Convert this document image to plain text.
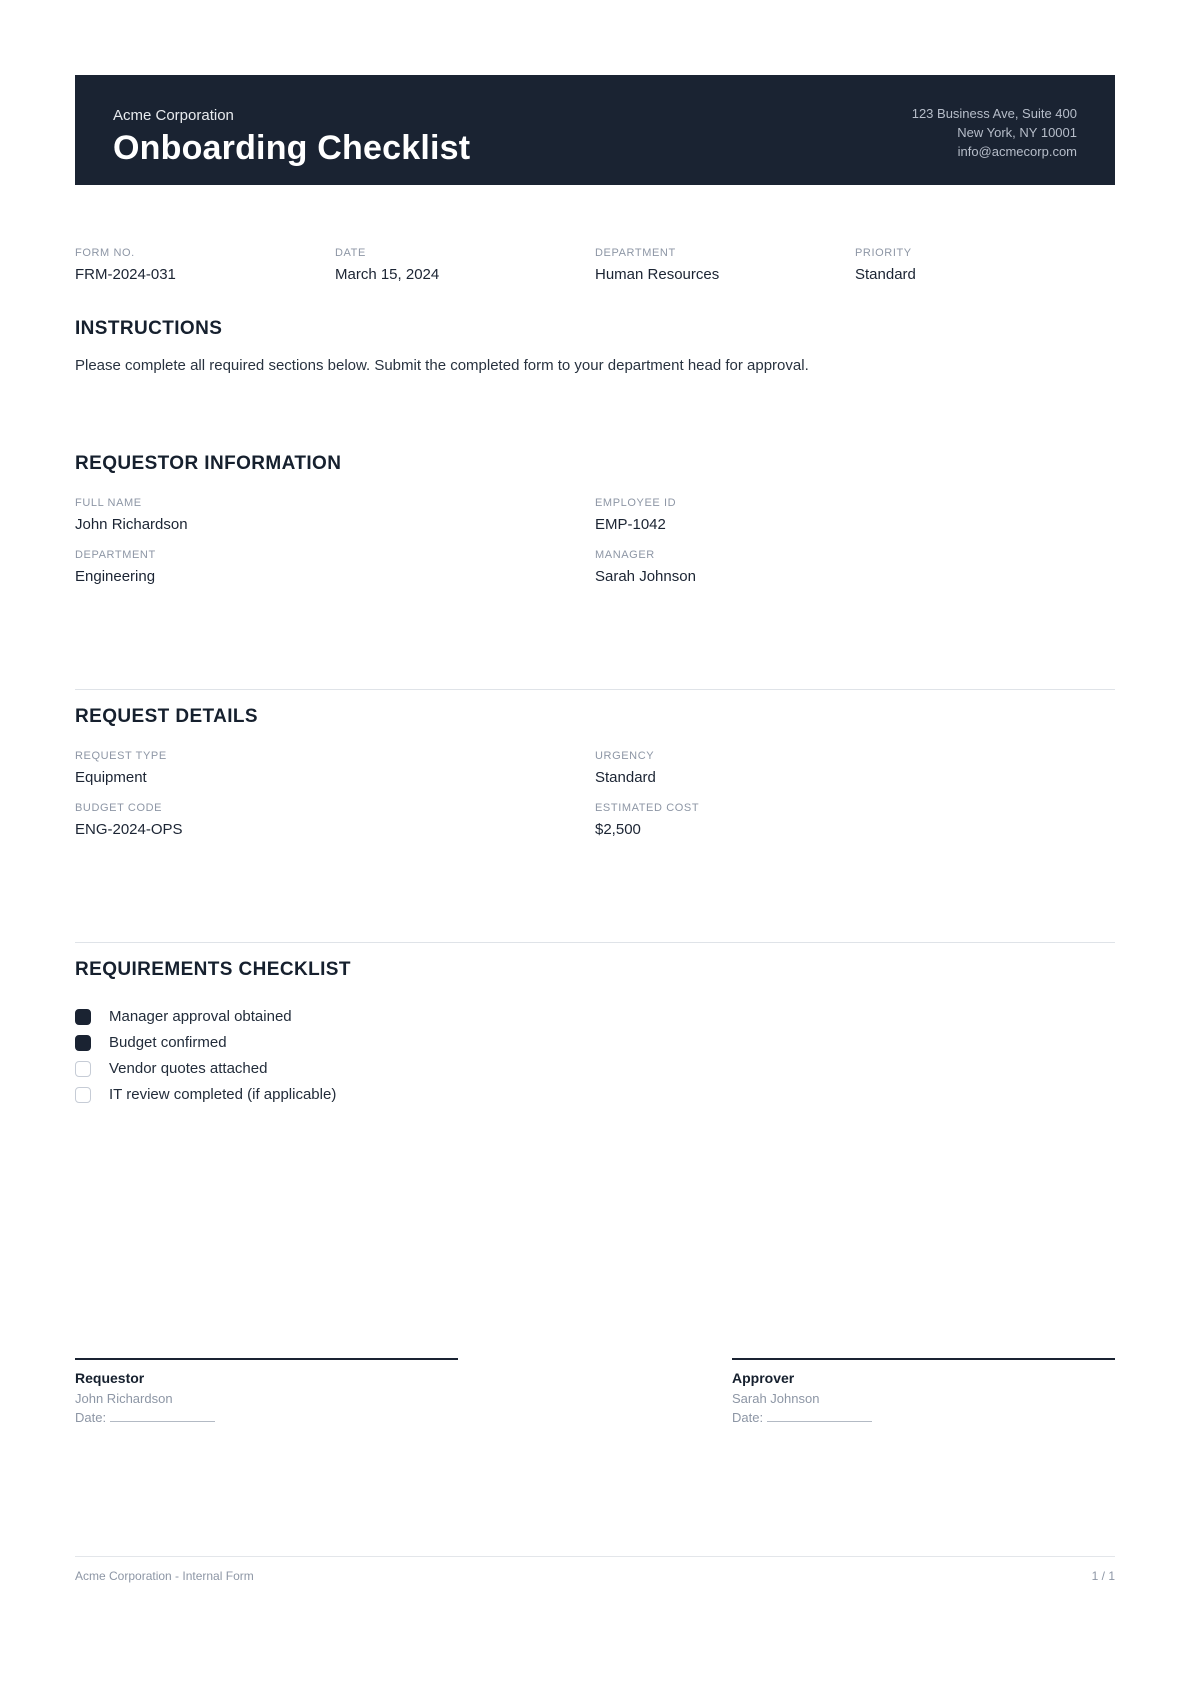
Acme Corporation
Onboarding Checklist
123 Business Ave, Suite 400
New York, NY 10001
info@acmecorp.com
FORM NO.
FRM-2024-031
DATE
March 15, 2024
DEPARTMENT
Human Resources
PRIORITY
Standard
INSTRUCTIONS

Please complete all required sections below. Submit the completed form to your department head for approval.

REQUESTOR INFORMATION
FULL NAME
John Richardson
EMPLOYEE ID
EMP-1042
DEPARTMENT
Engineering
MANAGER
Sarah Johnson
REQUEST DETAILS
REQUEST TYPE
Equipment
URGENCY
Standard
BUDGET CODE
ENG-2024-OPS
ESTIMATED COST
$2,500
REQUIREMENTS CHECKLIST
Manager approval obtained
Budget confirmed
Vendor quotes attached
IT review completed (if applicable)
Requestor
John Richardson
Date:
Approver
Sarah Johnson
Date:
Acme Corporation - Internal Form	1 / 1
